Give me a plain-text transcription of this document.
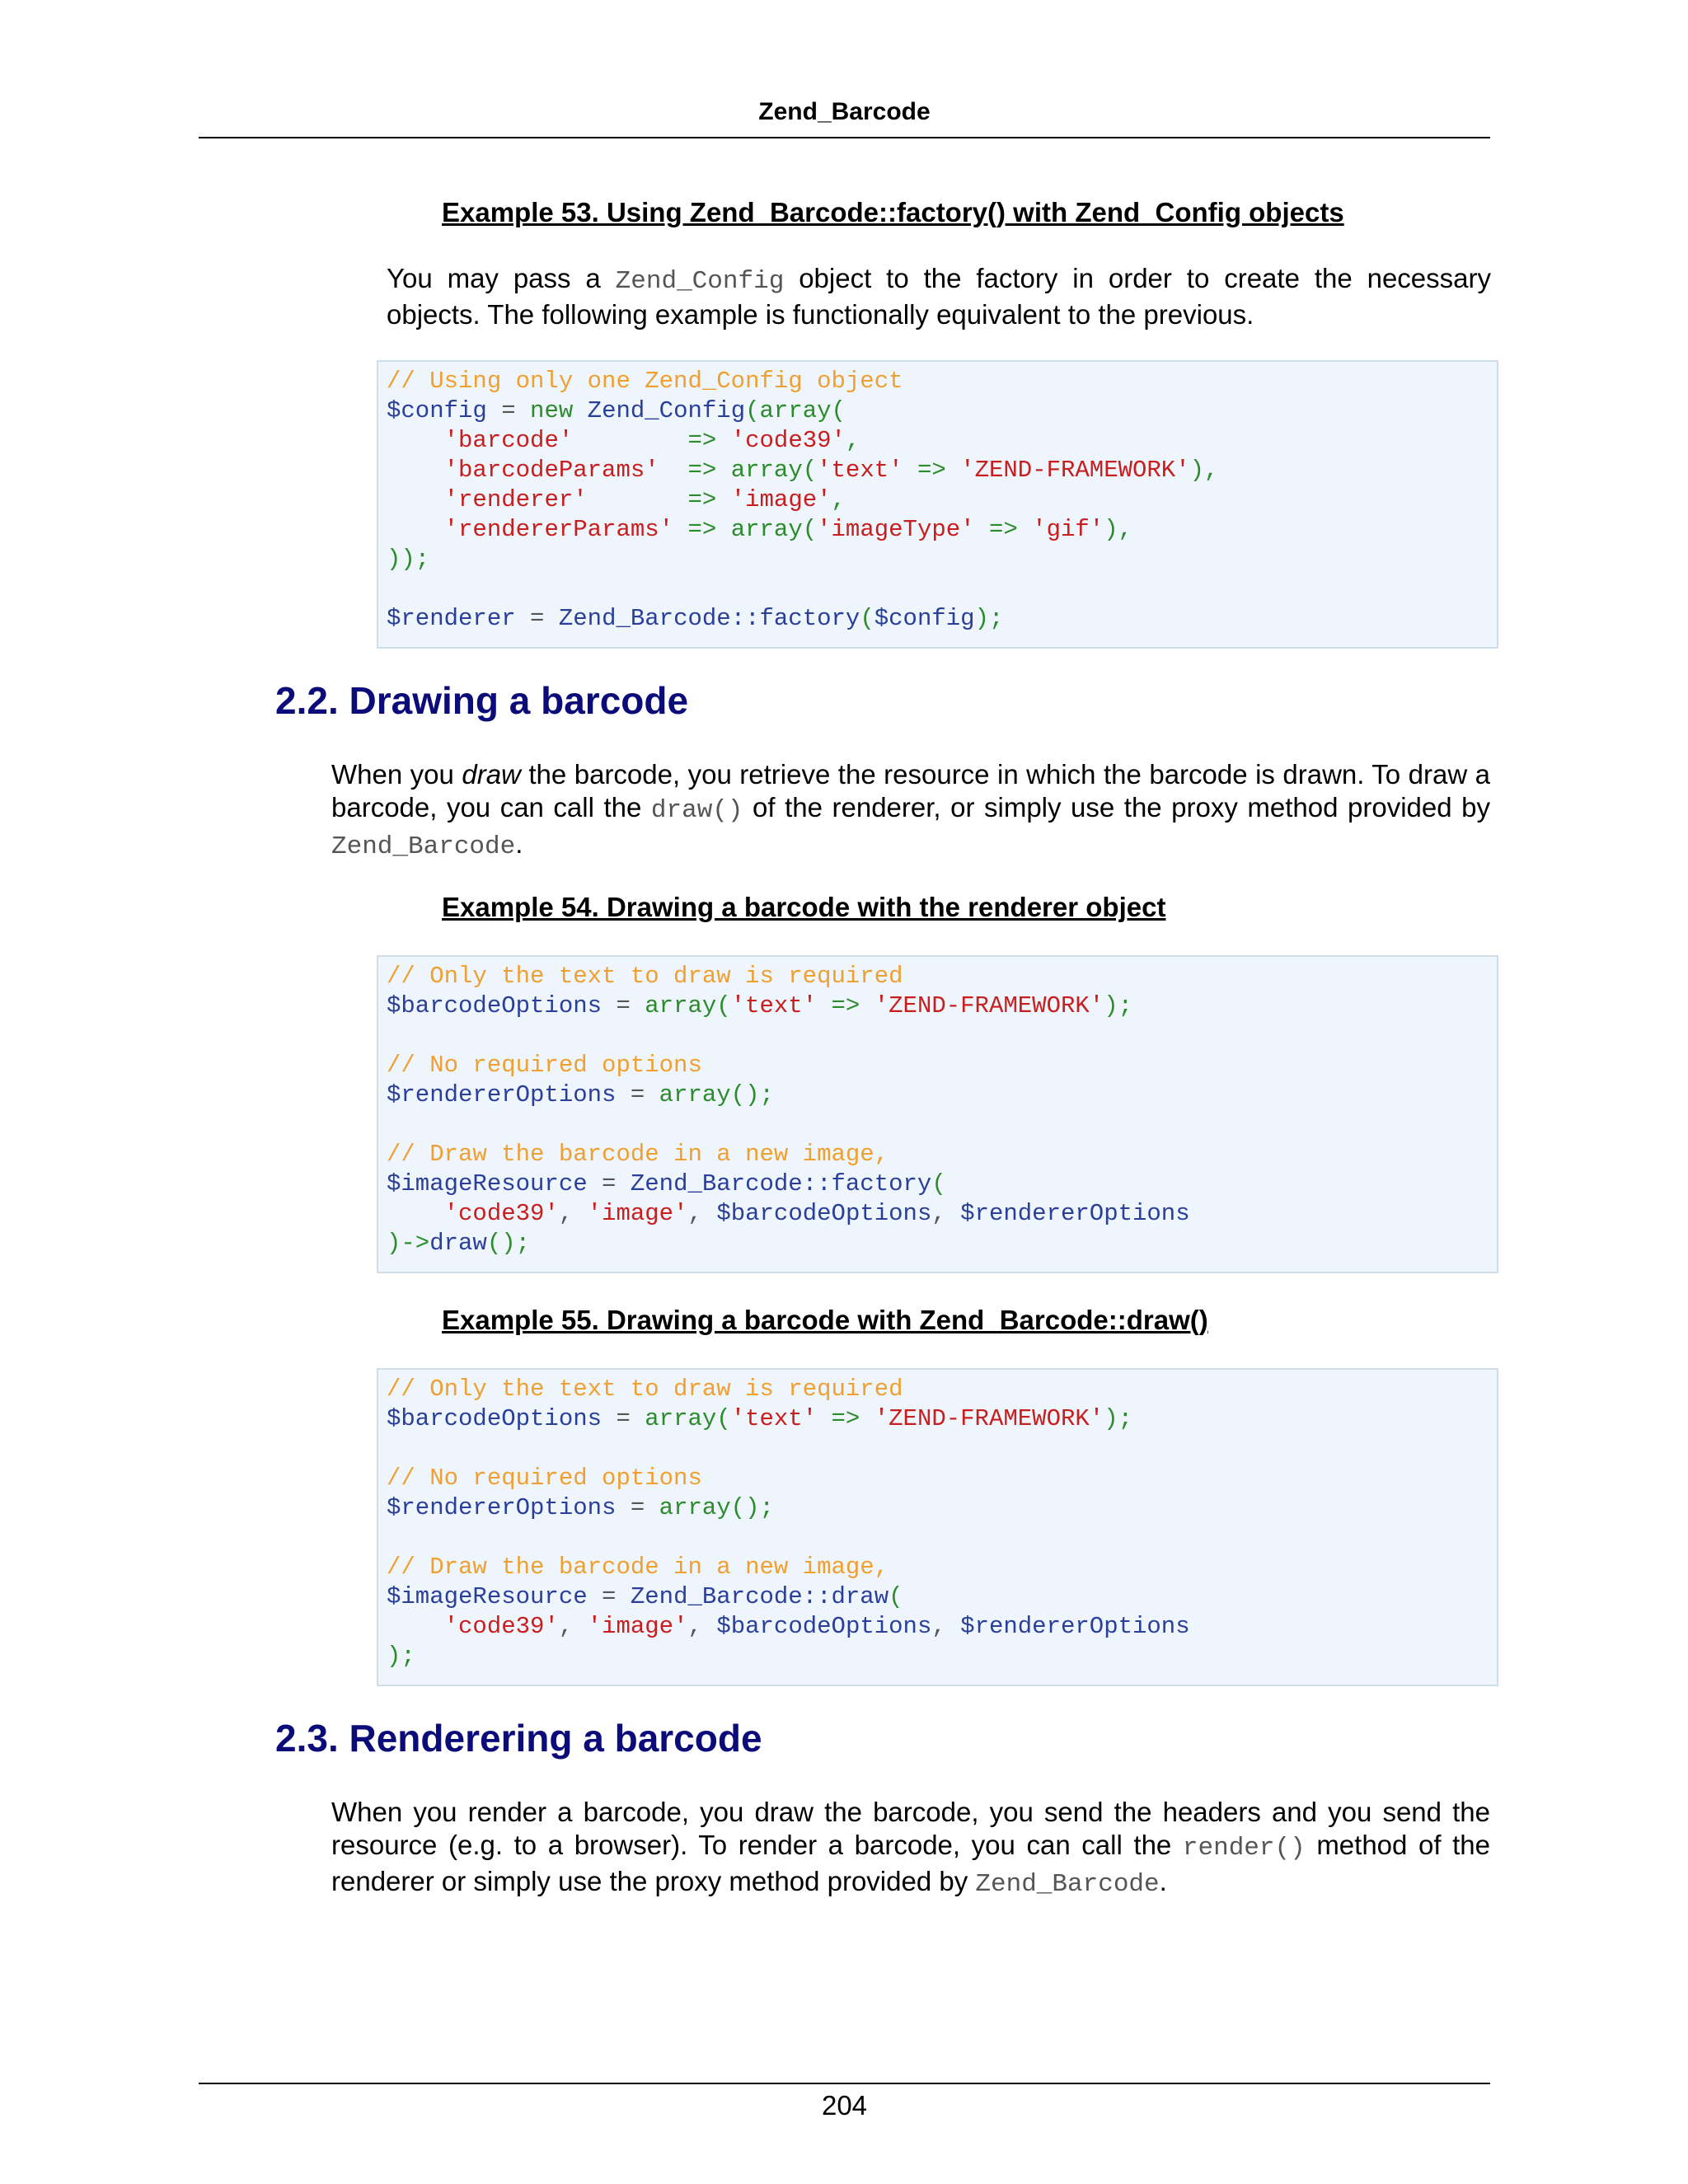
Zend_Barcode
Example 53. Using Zend_Barcode::factory() with Zend_Config objects
You may pass a Zend_Config object to the factory in order to create the necessary objects. The following example is functionally equivalent to the previous.
// Using only one Zend_Config object
$config = new Zend_Config(array(
'barcode'	=> 'code39',
'barcodeParams' => array('text' => 'ZEND-FRAMEWORK'),
'renderer'	=> 'image',
'rendererParams' => array('imageType' => 'gif'),
));
$renderer = Zend_Barcode::factory($config);
2.2. Drawing a barcode
When you draw the barcode, you retrieve the resource in which the barcode is drawn. To draw a barcode, you can call the draw() of the renderer, or simply use the proxy method provided by Zend_Barcode.
Example 54. Drawing a barcode with the renderer object
// Only the text to draw is required
$barcodeOptions = array('text' => 'ZEND-FRAMEWORK');
// No required options
$rendererOptions = array();
// Draw the barcode in a new image,
$imageResource = Zend_Barcode::factory(
'code39', 'image', $barcodeOptions, $rendererOptions
)->draw();
Example 55. Drawing a barcode with Zend_Barcode::draw()
// Only the text to draw is required
$barcodeOptions = array('text' => 'ZEND-FRAMEWORK');
// No required options
$rendererOptions = array();
// Draw the barcode in a new image,
$imageResource = Zend_Barcode::draw(
'code39', 'image', $barcodeOptions, $rendererOptions
);
2.3. Renderering a barcode
When you render a barcode, you draw the barcode, you send the headers and you send the resource (e.g. to a browser). To render a barcode, you can call the render() method of the renderer or simply use the proxy method provided by Zend_Barcode.
204
